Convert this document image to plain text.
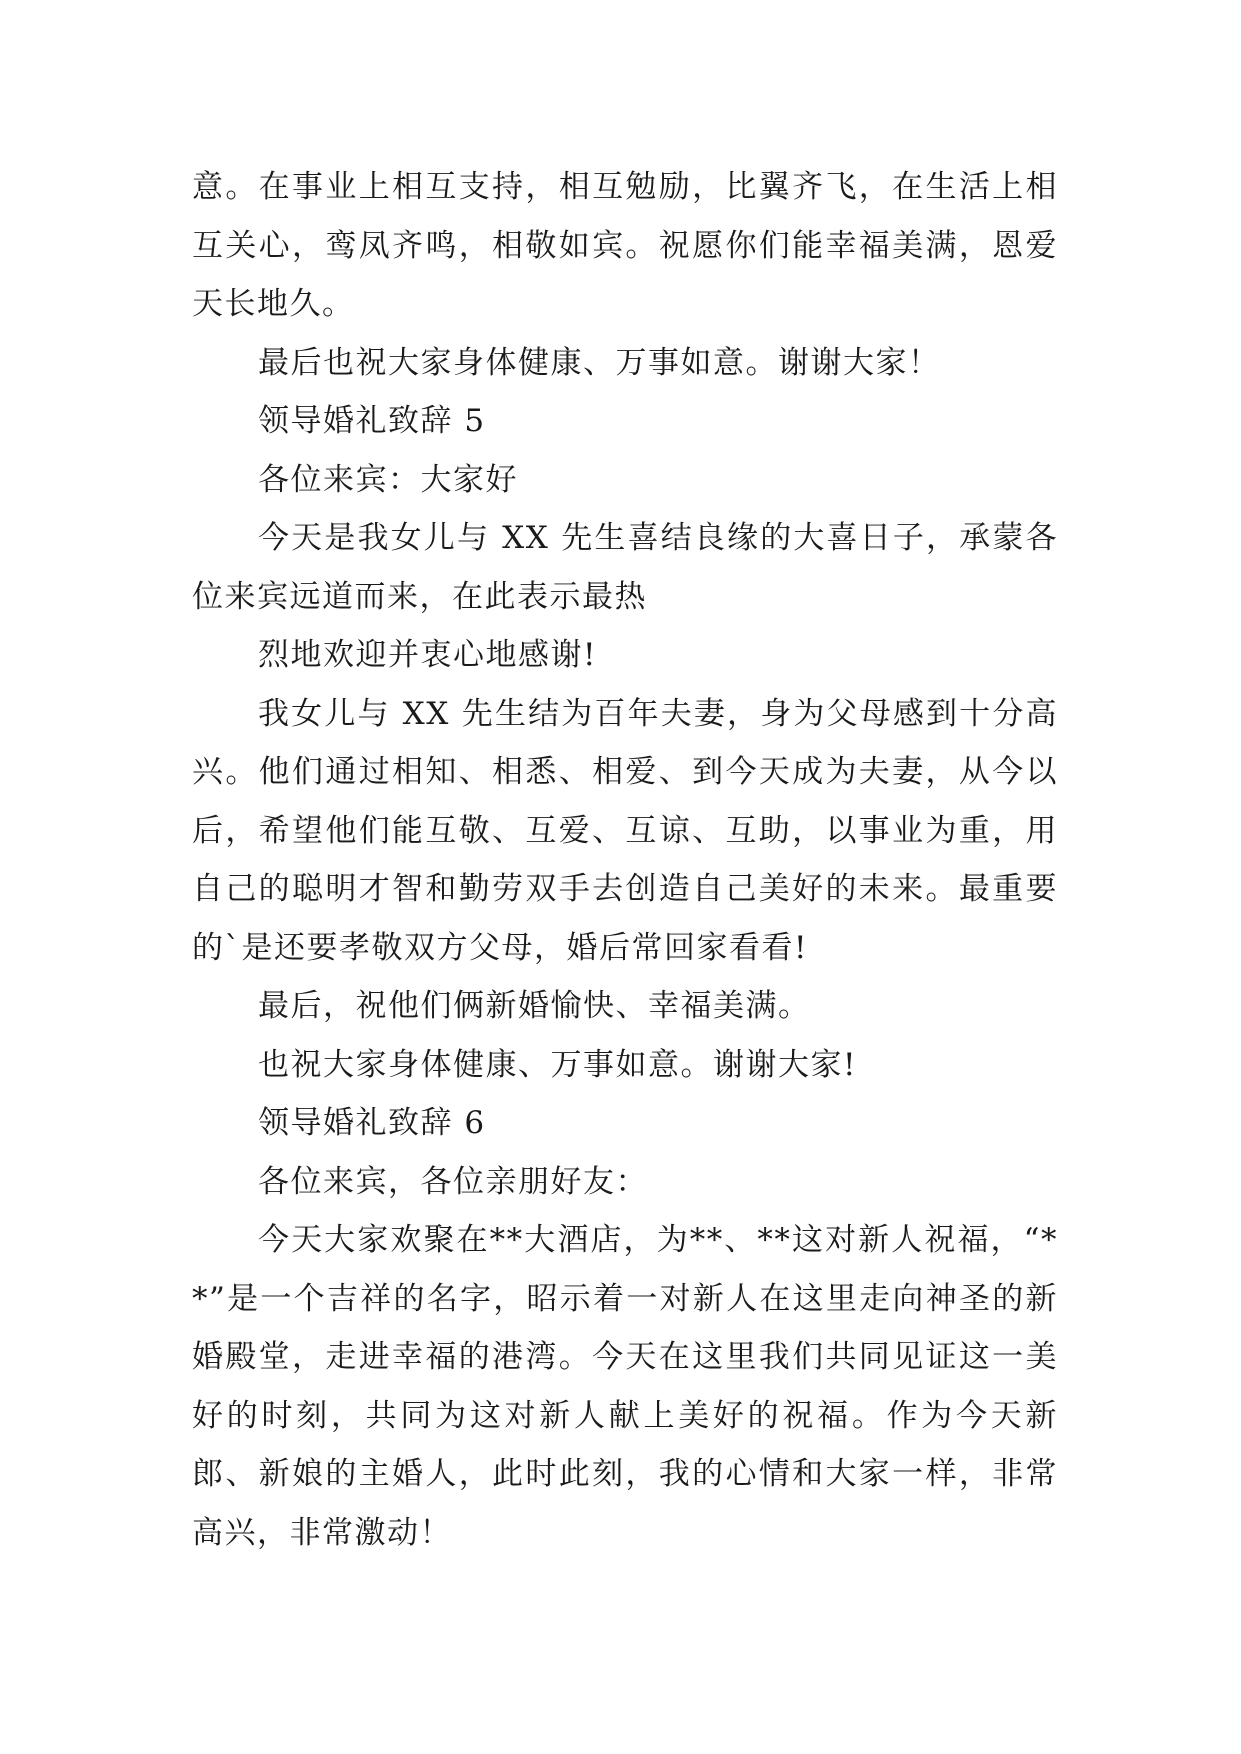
意。在事业上相互支持，相互勉励，比翼齐飞，在生活上相互关心，鸾凤齐鸣，相敬如宾。祝愿你们能幸福美满，恩爱天长地久。

最后也祝大家身体健康、万事如意。谢谢大家！

领导婚礼致辞 5

各位来宾：大家好

今天是我女儿与 XX 先生喜结良缘的大喜日子，承蒙各位来宾远道而来，在此表示最热

烈地欢迎并衷心地感谢!

我女儿与 XX 先生结为百年夫妻，身为父母感到十分高兴。他们通过相知、相悉、相爱、到今天成为夫妻，从今以后，希望他们能互敬、互爱、互谅、互助，以事业为重，用自己的聪明才智和勤劳双手去创造自己美好的未来。最重要的`是还要孝敬双方父母，婚后常回家看看!

最后，祝他们俩新婚愉快、幸福美满。

也祝大家身体健康、万事如意。谢谢大家!

领导婚礼致辞 6

各位来宾，各位亲朋好友：

今天大家欢聚在**大酒店，为**、**这对新人祝福，“**”是一个吉祥的名字，昭示着一对新人在这里走向神圣的新婚殿堂，走进幸福的港湾。今天在这里我们共同见证这一美好的时刻，共同为这对新人献上美好的祝福。作为今天新郎、新娘的主婚人，此时此刻，我的心情和大家一样，非常高兴，非常激动！
